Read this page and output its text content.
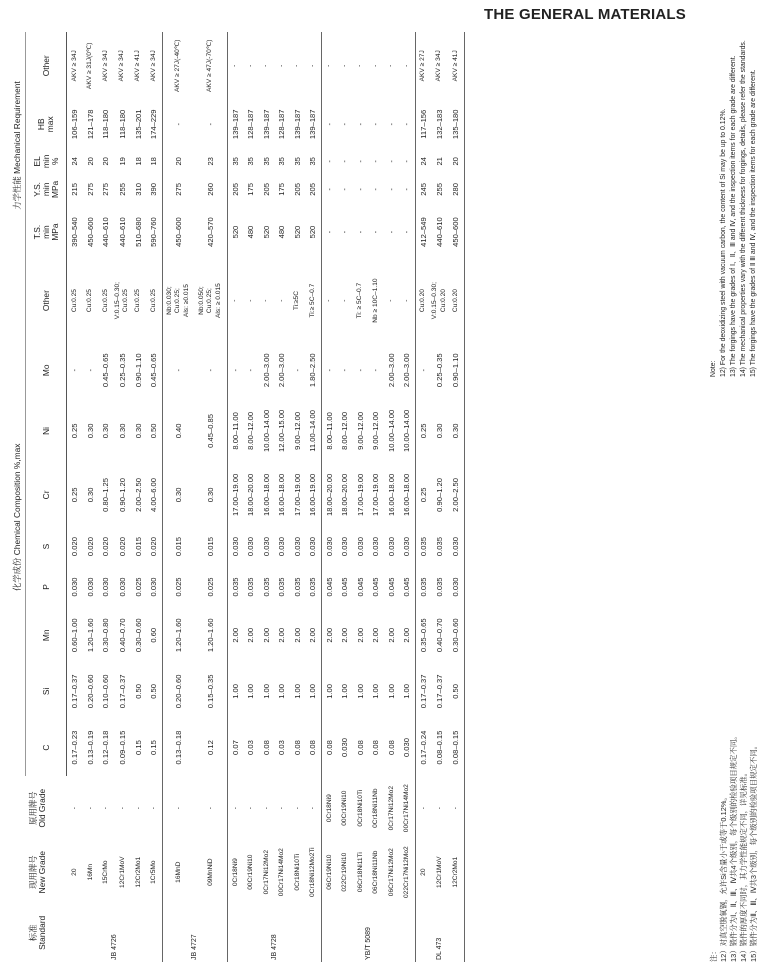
THE GENERAL MATERIALS
标准
Standard	现用牌号
New Grade	原用牌号
Old Grade	化学成份 Chemical Composition %,max									力学性能 Mechanical Requirement				
			C	Si	Mn	P	S	Cr	Ni	Mo	Other	T.S.
min
MPa	Y.S.
min
MPa	EL
min
%	HB
max	Other
JB 4726	20	-	0.17–0.23	0.17–0.37	0.60–1.00	0.030	0.020	0.25	0.25	-	Cu:0.25	390–540	215	24	106–159	AKV ≥ 34J
	16Mn	-	0.13–0.19	0.20–0.60	1.20–1.60	0.030	0.020	0.30	0.30	-	Cu:0.25	450–600	275	20	121–178	AKV ≥ 31J(0℃)
	15CrMo	-	0.12–0.18	0.10–0.60	0.30–0.80	0.030	0.020	0.80–1.25	0.30	0.45–0.65	Cu:0.25	440–610	275	20	118–180	AKV ≥ 34J
	12Cr1MoV	-	0.09–0.15	0.17–0.37	0.40–0.70	0.030	0.020	0.90–1.20	0.30	0.25–0.35	V:0.15–0.30;
Cu:0.25	440–610	255	19	118–180	AKV ≥ 34J
	12Cr2Mo1	-	0.15	0.50	0.30–0.60	0.025	0.015	2.00–2.50	0.30	0.90–1.10	Cu:0.25	510–680	310	18	135–201	AKV ≥ 41J
	1Cr5Mo	-	0.15	0.50	0.60	0.030	0.020	4.00–6.00	0.50	0.45–0.65	Cu:0.25	590–760	390	18	174–229	AKV ≥ 34J
JB 4727	16MnD	-	0.13–0.18	0.20–0.60	1.20–1.60	0.025	0.015	0.30	0.40	-	Nb:0.030;
Cu:0.25;
Als: ≥0.015	450–600	275	20	-	AKV ≥ 27J(-40℃)
	09MnNiD	-	0.12	0.15–0.35	1.20–1.60	0.025	0.015	0.30	0.45–0.85	-	Nb:0.050;
Cu:0.25;
Als: ≥ 0.015	420–570	260	23	-	AKV ≥ 47J(-70℃)
JB 4728	0Cr18Ni9	-	0.07	1.00	2.00	0.035	0.030	17.00–19.00	8.00–11.00	-	-	520	205	35	139–187	-
	00Cr19Ni10	-	0.03	1.00	2.00	0.035	0.030	18.00–20.00	8.00–12.00	-	-	480	175	35	128–187	-
	0Cr17Ni12Mo2	-	0.08	1.00	2.00	0.035	0.030	16.00–18.00	10.00–14.00	2.00–3.00	-	520	205	35	139–187	-
	00Cr17Ni14Mo2	-	0.03	1.00	2.00	0.035	0.030	16.00–18.00	12.00–15.00	2.00–3.00	-	480	175	35	128–187	-
	0Cr18Ni10Ti	-	0.08	1.00	2.00	0.035	0.030	17.00–19.00	9.00–12.00	-	Ti:≥5C	520	205	35	139–187	-
	0Cr18Ni12Mo2Ti	-	0.08	1.00	2.00	0.035	0.030	16.00–19.00	11.00–14.00	1.80–2.50	Ti:≥ 5C–0.7	520	205	35	139–187	-
YB/T 5089	06Cr19Ni10	0Cr18Ni9	0.08	1.00	2.00	0.045	0.030	18.00–20.00	8.00–11.00	-	-	-	-	-	-	-
	022Cr19Ni10	00Cr19Ni10	0.030	1.00	2.00	0.045	0.030	18.00–20.00	8.00–12.00	-	-	-	-	-	-	-
	06Cr18Ni11Ti	0Cr18Ni10Ti	0.08	1.00	2.00	0.045	0.030	17.00–19.00	9.00–12.00	-	Ti: ≥ 5C–0.7	-	-	-	-	-
	06Cr18Ni11Nb	0Cr18Ni11Nb	0.08	1.00	2.00	0.045	0.030	17.00–19.00	9.00–12.00	-	Nb ≥ 10C–1.10	-	-	-	-	-
	06Cr17Ni12Mo2	0Cr17Ni12Mo2	0.08	1.00	2.00	0.045	0.030	16.00–18.00	10.00–14.00	2.00–3.00	-	-	-	-	-	-
	022Cr17Ni12Mo2	00Cr17Ni14Mo2	0.030	1.00	2.00	0.045	0.030	16.00–18.00	10.00–14.00	2.00–3.00	-	-	-	-	-	-
DL 473	20	-	0.17–0.24	0.17–0.37	0.35–0.65	0.035	0.035	0.25	0.25	-	Cu:0.20	412–549	245	24	117–156	AKV ≥ 27J
	12Cr1MoV	-	0.08–0.15	0.17–0.37	0.40–0.70	0.035	0.035	0.90–1.20	0.30	0.25–0.35	V:0.15–0.30;
Cu:0.20	440–610	255	21	132–183	AKV ≥ 34J
	12Cr2Mo1	-	0.08–0.15	0.50	0.30–0.60	0.030	0.030	2.00–2.50	0.30	0.90–1.10	Cu:0.20	450–600	280	20	135–180	AKV ≥ 41J
注： 12）对真空脱氧钢，允许Si含量小于或等于0.12%。 13）锻件分为Ⅰ、Ⅱ、Ⅲ、Ⅳ共4个级别，每个级别的检验项目规定不同。 14）锻件的厚度不同时，其力学性能规定不同，详见标准。 15）锻件分为Ⅱ、Ⅲ、Ⅳ共3个级别，每个级别的检验项目规定不同。
Note: 12) For the deoxidizing steel with vacuum carbon, the content of Si may be up to 0.12%. 13) The forgings have the grades of Ⅰ、Ⅱ、Ⅲ and Ⅳ, and the inspection items for each grade are different. 14) The mechanical properties vary with the different thickness for forgings, details, please refer the standards. 15) The forgings have the grades of Ⅱ Ⅲ and Ⅳ, and the inspection items for each grade are different.
